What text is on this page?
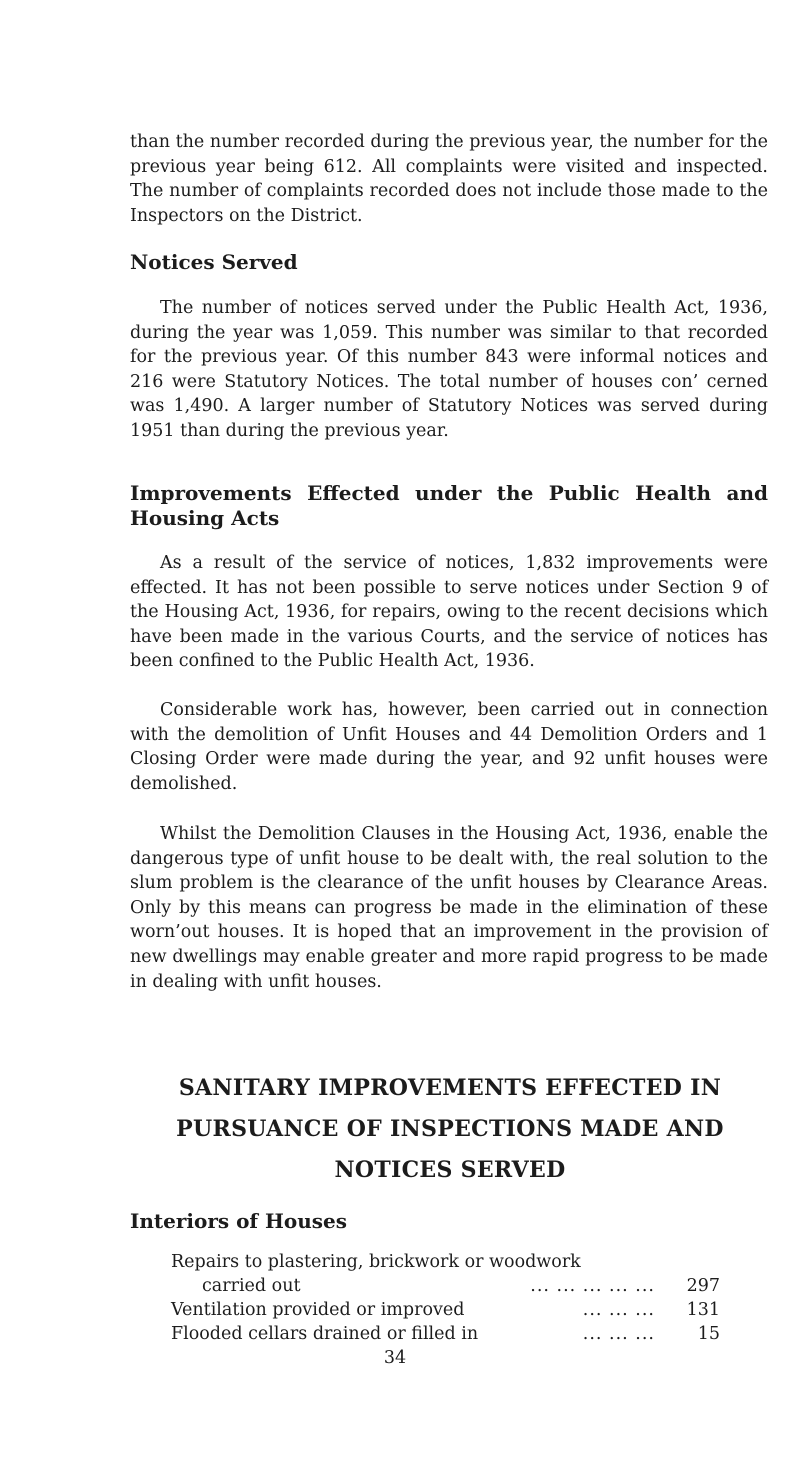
than the number recorded during the previous year, the number for the previous year being 612. All complaints were visited and inspected. The number of complaints recorded does not include those made to the Inspectors on the District.

Notices Served

The number of notices served under the Public Health Act, 1936, during the year was 1,059. This number was similar to that recorded for the previous year. Of this number 843 were informal notices and 216 were Statutory Notices. The total number of houses con’ cerned was 1,490. A larger number of Statutory Notices was served during 1951 than during the previous year.

Improvements Effected under the Public Health and Housing Acts

As a result of the service of notices, 1,832 improvements were effected. It has not been possible to serve notices under Section 9 of the Housing Act, 1936, for repairs, owing to the recent decisions which have been made in the various Courts, and the service of notices has been confined to the Public Health Act, 1936.

Considerable work has, however, been carried out in connection with the demolition of Unfit Houses and 44 Demolition Orders and 1 Closing Order were made during the year, and 92 unfit houses were demolished.

Whilst the Demolition Clauses in the Housing Act, 1936, enable the dangerous type of unfit house to be dealt with, the real solution to the slum problem is the clearance of the unfit houses by Clearance Areas. Only by this means can progress be made in the elimination of these worn’out houses. It is hoped that an improvement in the provision of new dwellings may enable greater and more rapid progress to be made in dealing with unfit houses.

SANITARY IMPROVEMENTS EFFECTED IN
PURSUANCE OF INSPECTIONS MADE AND
NOTICES SERVED
Interiors of Houses
Repairs to plastering, brickwork or woodwork
carried out	... ... ... ... ...	297
Ventilation provided or improved	... ... ...	131
Flooded cellars drained or filled in	... ... ...	15
34
